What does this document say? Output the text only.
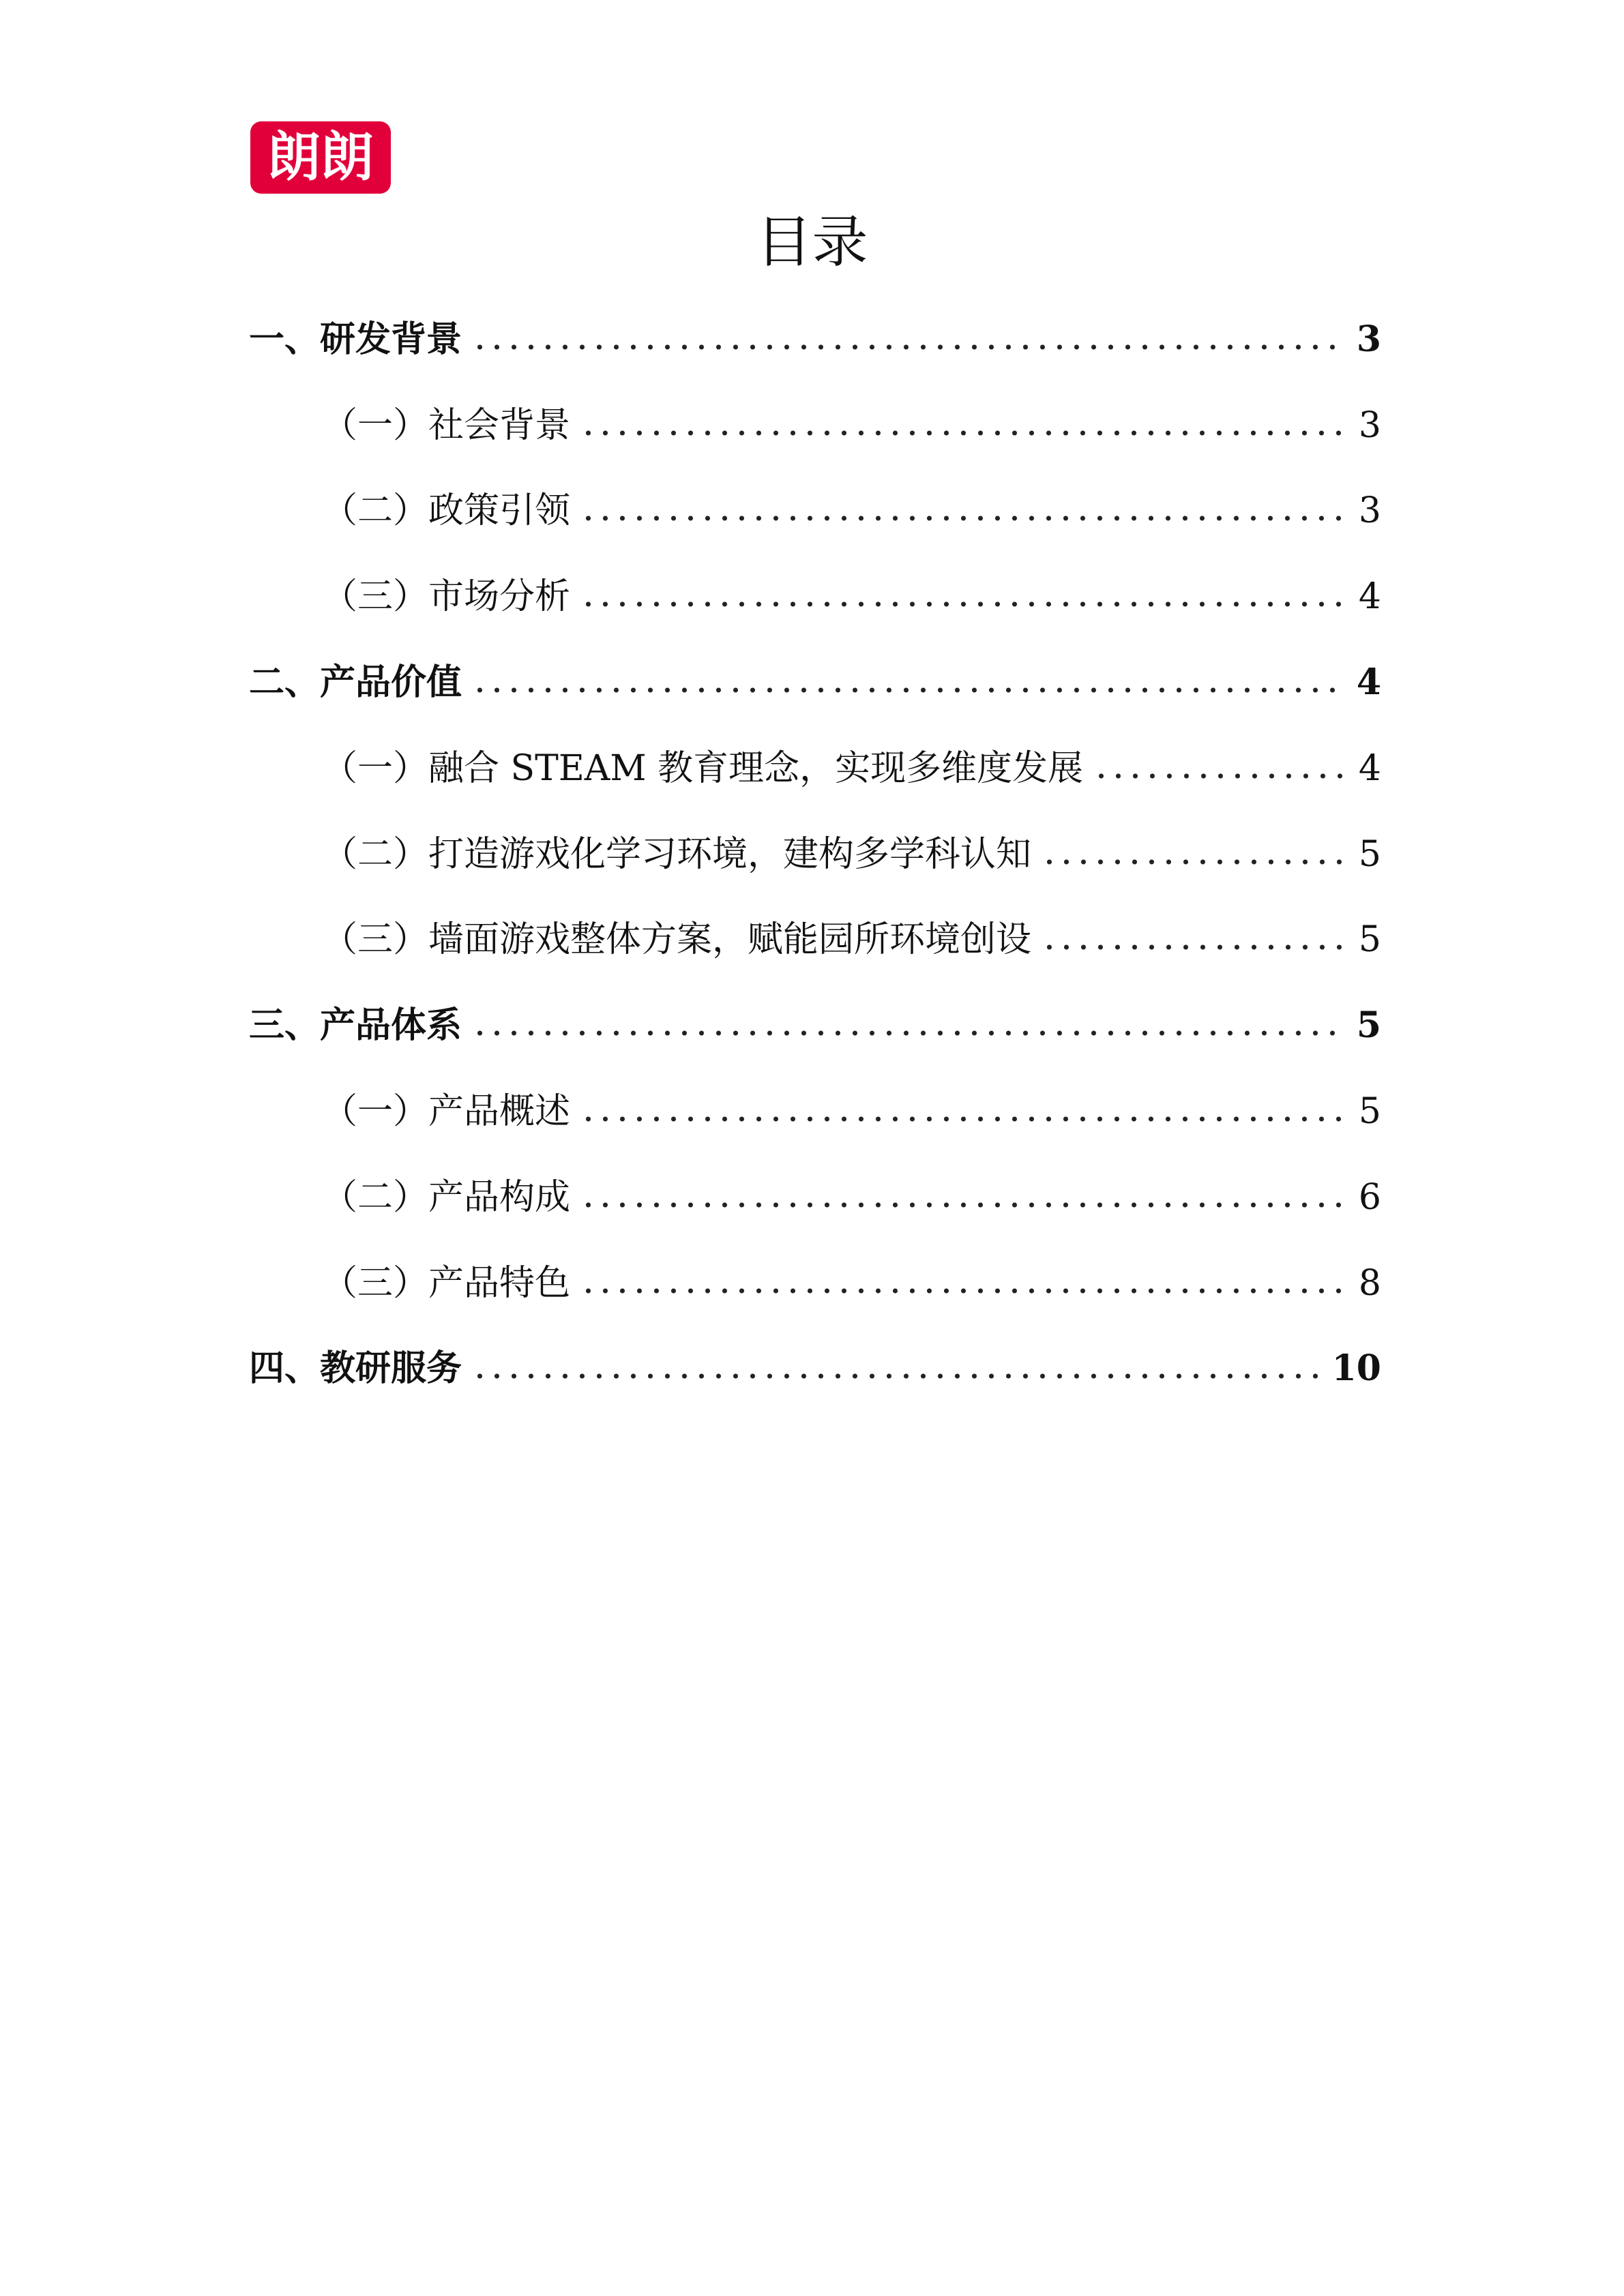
朗朗
目录
一、研发背景	3
（一）社会背景	3
（二）政策引领	3
（三）市场分析	4
二、产品价值	4
（一）融合 STEAM 教育理念，实现多维度发展	4
（二）打造游戏化学习环境，建构多学科认知	5
（三）墙面游戏整体方案，赋能园所环境创设	5
三、产品体系	5
（一）产品概述	5
（二）产品构成	6
（三）产品特色	8
四、教研服务	10
